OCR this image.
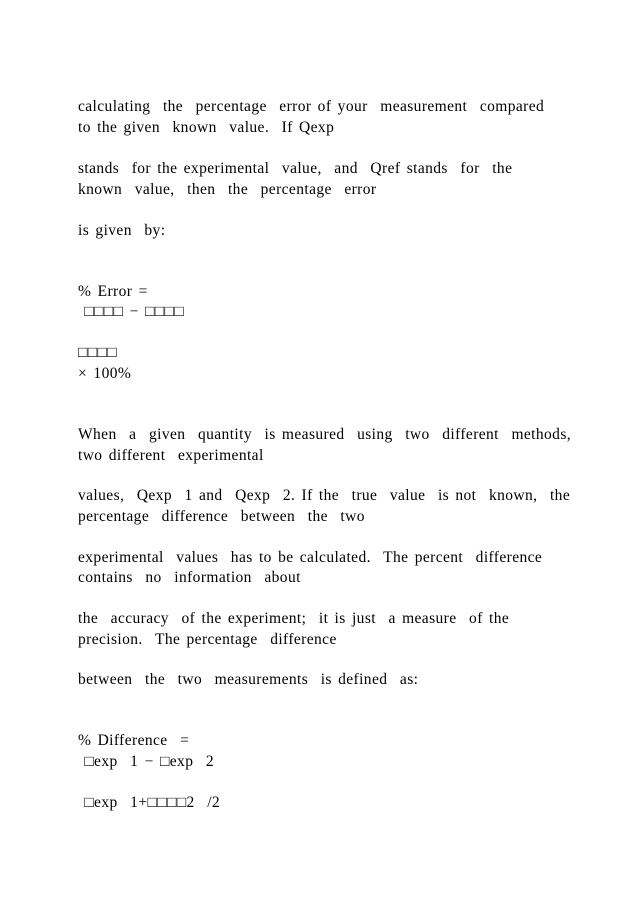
calculating  the  percentage  error of your  measurement  compared
to the given  known  value.  If Qexp
stands  for the experimental  value,  and  Qref stands  for  the
known  value,  then  the  percentage  error
is given  by:
% Error =
□□□□ − □□□□
□□□□
× 100%
When  a  given  quantity  is measured  using  two  different  methods,
two different  experimental
values,  Qexp  1 and  Qexp  2. If the  true  value  is not  known,  the
percentage  difference  between  the  two
experimental  values  has to be calculated.  The percent  difference
contains  no  information  about
the  accuracy  of the experiment;  it is just  a measure  of the
precision.  The percentage  difference
between  the  two  measurements  is defined  as:
% Difference  =
□exp  1 − □exp  2
□exp  1+□□□□2  /2
